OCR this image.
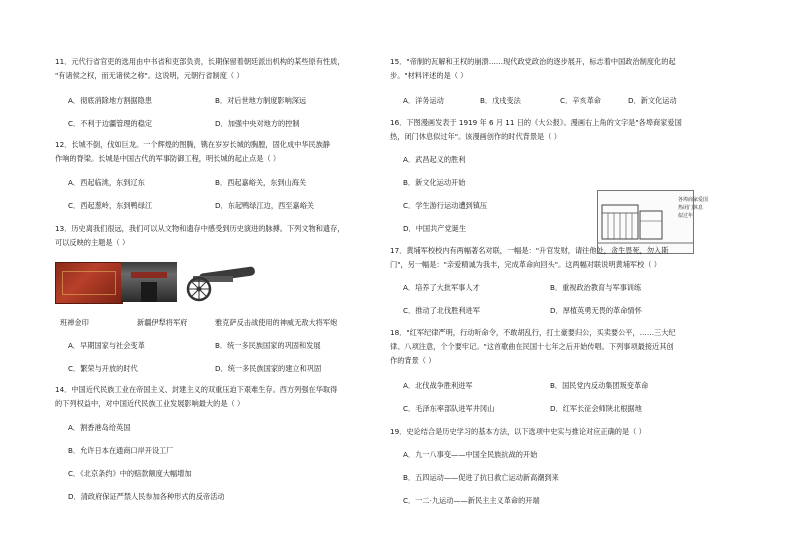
11．元代行省官吏的选用由中书省和吏部负责，长期保留着朝廷派出机构的某些原有性质，
"有诸侯之权，而无诸侯之称"。这说明，元朝行省制度（ ）
A．彻底消除地方割据隐患	B．对后世地方制度影响深远
C．不利于边疆管理的稳定	D．加强中央对地方的控制
12．长城不倒，伐如巨龙。一个辉煌的图腾，镌在岁岁长城的胸膛，固化成中华民族静
作响的脊梁。长城是中国古代的军事防御工程，明长城的起止点是（ ）
A．西起临洮，东到辽东	B．西起嘉峪关，东到山海关
C．西起葱岭，东到鸭绿江	D．东起鸭绿江边，西至嘉峪关
13．历史离我们很远，我们可以从文物和遗存中感受到历史演进的脉搏。下列文物和遗存，
可以反映的主题是（ ）
班禅金印	新疆伊犁将军府	雅克萨反击战使用的神威无敌大将军炮
A．早期国家与社会变革	B．统一多民族国家的巩固和发展
C．繁荣与开放的时代	D．统一多民族国家的建立和巩固
14．中国近代民族工业在帝国主义、封建主义的双重压迫下艰难生存。西方列强在华取得
的下列权益中，对中国近代民族工业发展影响最大的是（ ）
A．割香港岛给英国
B．允许日本在通商口岸开设工厂
C．《北京条约》中的赔款额度大幅增加
D．清政府保证严禁人民参加各种形式的反帝活动
15．"帝制的瓦解和王权的崩溃……现代政党政治的逐步展开，标志着中国政治制度化的起
步。"材料评述的是（ ）
A．洋务运动	B．戊戌变法	C．辛亥革命	D．新文化运动
16．下图漫画发表于 1919 年 6 月 11 日的《大公报》。漫画右上角的文字是"各埠商家爱国
热，闭门休息似过年"。该漫画创作的时代背景是（ ）
A．武昌起义的胜利
B．新文化运动开始
C．学生游行运动遭到镇压
D．中国共产党诞生
各埠商家爱国
热闭门休息
似过年
17．黄埔军校校内有两幅著名对联，一幅是："升官发财，请往他处，贪生畏死，勿入斯
门"，另一幅是："亲爱精诚为我丰，完成革命向回头"。这两幅对联说明黄埔军校（ ）
A．培养了大批军事人才	B．重视政治教育与军事训练
C．推动了北伐胜利进军	D．厚植英勇无畏的革命情怀
18．"红军纪律严明，行动听命令，不敢胡乱行，打土豪要归公，买卖要公平，……三大纪
律、八项注意，个个要牢记。"这首歌曲在民国十七年之后开始传唱。下列事项最接近其创
作的背景（ ）
A．北伐战争胜利进军	B．国民党内反动集团叛变革命
C．毛泽东率部队进军井冈山	D．红军长征会师陕北根据地
19．史论结合是历史学习的基本方法，以下选项中史实与推论对应正确的是（ ）
A．九一八事变——中国全民族抗战的开始
B．五四运动——促进了抗日救亡运动新高潮到来
C．一二·九运动——新民主主义革命的开端
